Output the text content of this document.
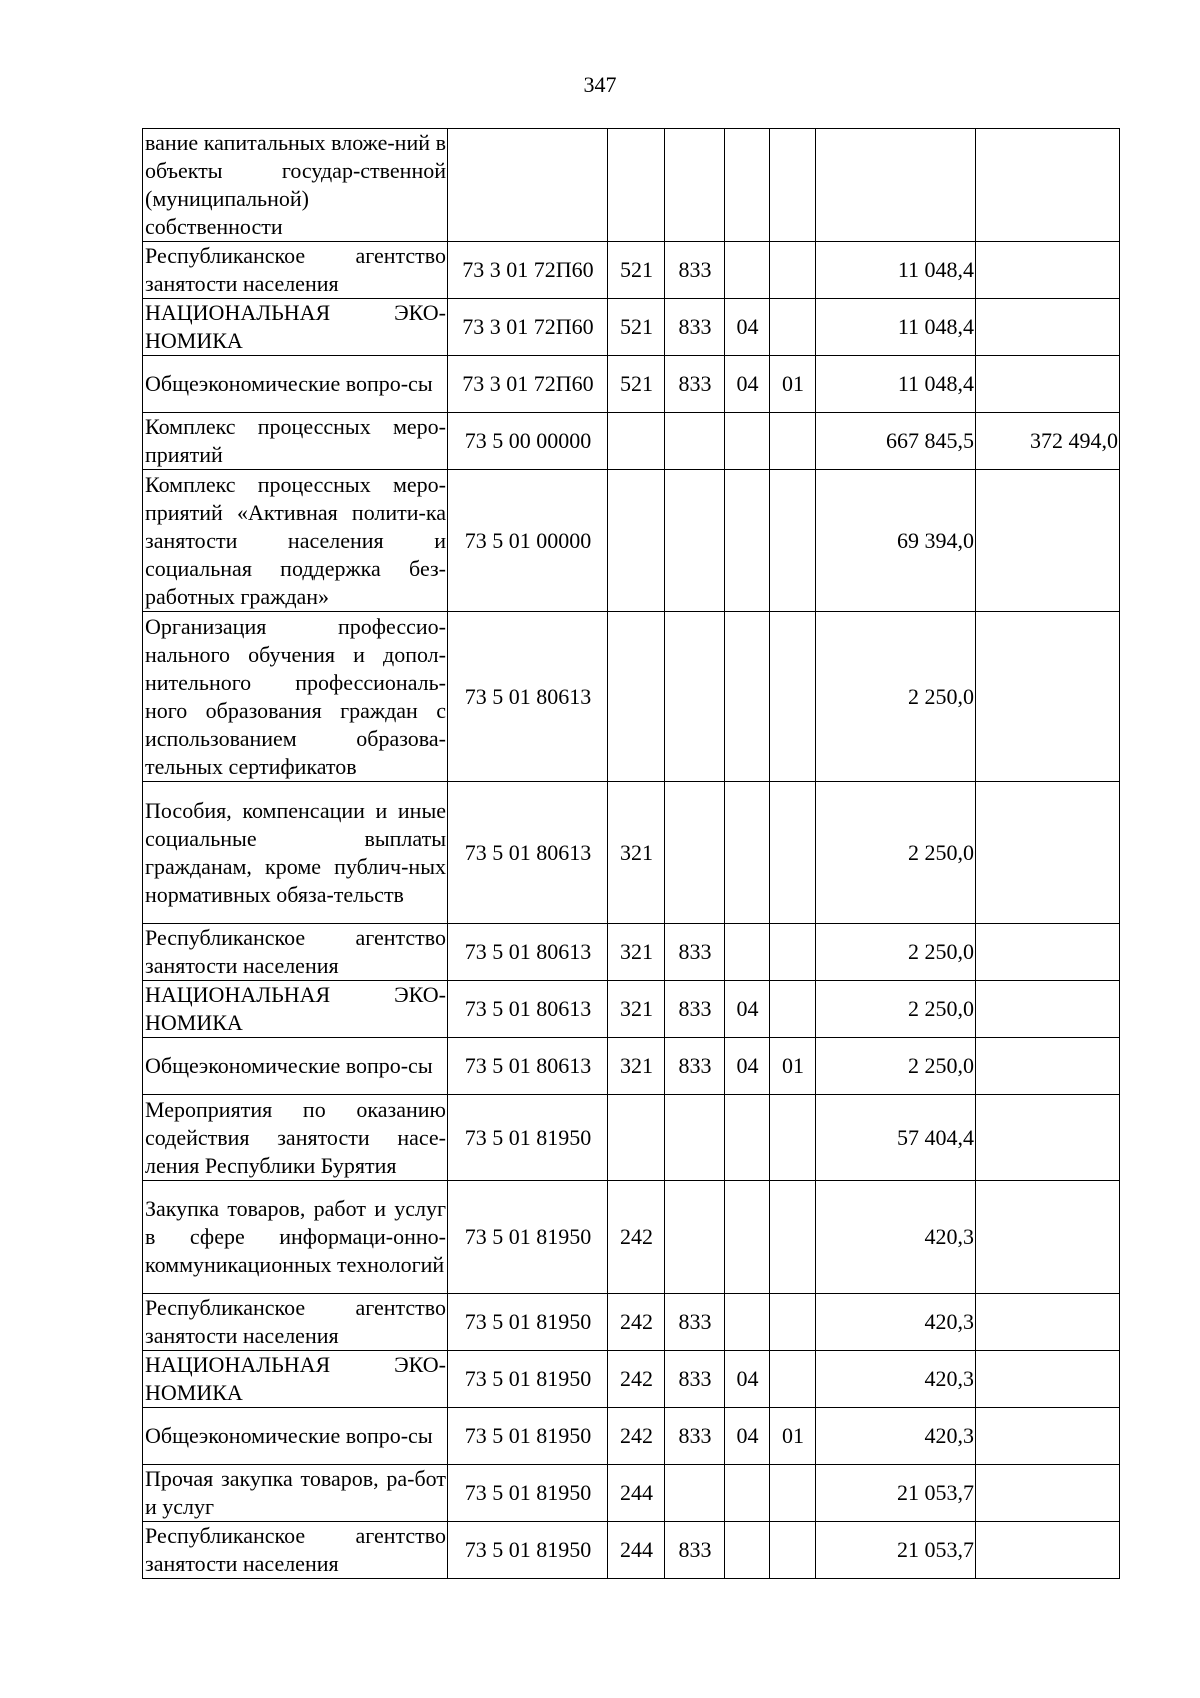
347
вание капитальных вложе-ний в объекты государ-ственной (муниципальной) собственности							
Республиканское агентство занятости населения	73 3 01 72П60	521	833			11 048,4	
НАЦИОНАЛЬНАЯ ЭКО-НОМИКА	73 3 01 72П60	521	833	04		11 048,4	
Общеэкономические вопро-сы	73 3 01 72П60	521	833	04	01	11 048,4	
Комплекс процессных меро-приятий	73 5 00 00000					667 845,5	372 494,0
Комплекс процессных меро-приятий «Активная полити-ка занятости населения и социальная поддержка без-работных граждан»	73 5 01 00000					69 394,0	
Организация профессио-нального обучения и допол-нительного профессиональ-ного образования граждан с использованием образова-тельных сертификатов	73 5 01 80613					2 250,0	
Пособия, компенсации и иные социальные выплаты гражданам, кроме публич-ных нормативных обяза-тельств	73 5 01 80613	321				2 250,0	
Республиканское агентство занятости населения	73 5 01 80613	321	833			2 250,0	
НАЦИОНАЛЬНАЯ ЭКО-НОМИКА	73 5 01 80613	321	833	04		2 250,0	
Общеэкономические вопро-сы	73 5 01 80613	321	833	04	01	2 250,0	
Мероприятия по оказанию содействия занятости насе-ления Республики Бурятия	73 5 01 81950					57 404,4	
Закупка товаров, работ и услуг в сфере информаци-онно-коммуникационных технологий	73 5 01 81950	242				420,3	
Республиканское агентство занятости населения	73 5 01 81950	242	833			420,3	
НАЦИОНАЛЬНАЯ ЭКО-НОМИКА	73 5 01 81950	242	833	04		420,3	
Общеэкономические вопро-сы	73 5 01 81950	242	833	04	01	420,3	
Прочая закупка товаров, ра-бот и услуг	73 5 01 81950	244				21 053,7	
Республиканское агентство занятости населения	73 5 01 81950	244	833			21 053,7	
